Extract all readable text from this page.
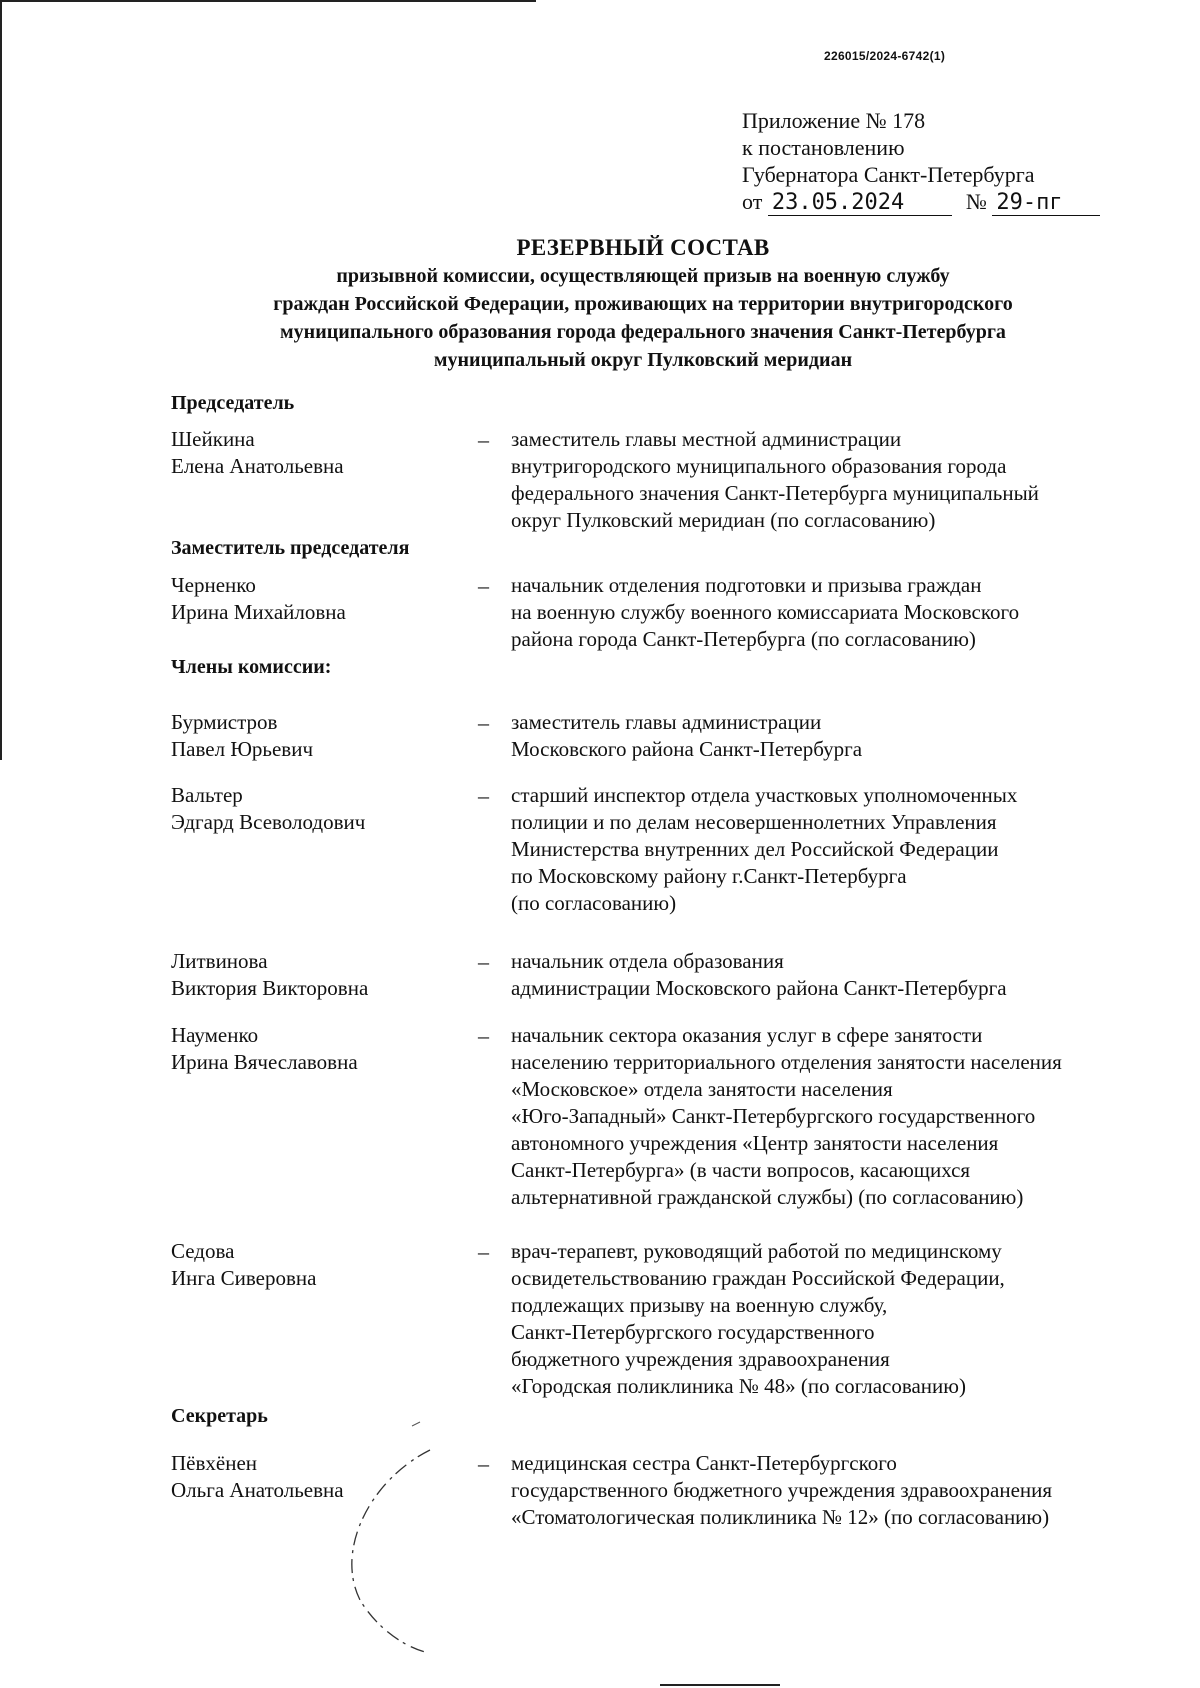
226015/2024-6742(1)
Приложение № 178
к постановлению
Губернатора Санкт-Петербурга
от 23.05.2024	№ 29-пг
РЕЗЕРВНЫЙ СОСТАВ
призывной комиссии, осуществляющей призыв на военную службу
граждан Российской Федерации, проживающих на территории внутригородского
муниципального образования города федерального значения Санкт-Петербурга
муниципальный округ Пулковский меридиан
Председатель
Шейкина
Елена Анатольевна
– заместитель главы местной администрации
внутригородского муниципального образования города
федерального значения Санкт-Петербурга муниципальный
округ Пулковский меридиан (по согласованию)
Заместитель председателя
Черненко
Ирина Михайловна
– начальник отделения подготовки и призыва граждан
на военную службу военного комиссариата Московского
района города Санкт-Петербурга (по согласованию)
Члены комиссии:
Бурмистров
Павел Юрьевич
– заместитель главы администрации
Московского района Санкт-Петербурга
Вальтер
Эдгард Всеволодович
– старший инспектор отдела участковых уполномоченных
полиции и по делам несовершеннолетних Управления
Министерства внутренних дел Российской Федерации
по Московскому району г.Санкт-Петербурга
(по согласованию)
Литвинова
Виктория Викторовна
– начальник отдела образования
администрации Московского района Санкт-Петербурга
Науменко
Ирина Вячеславовна
– начальник сектора оказания услуг в сфере занятости
населению территориального отделения занятости населения
«Московское» отдела занятости населения
«Юго-Западный» Санкт-Петербургского государственного
автономного учреждения «Центр занятости населения
Санкт-Петербурга» (в части вопросов, касающихся
альтернативной гражданской службы) (по согласованию)
Седова
Инга Сиверовна
– врач-терапевт, руководящий работой по медицинскому
освидетельствованию граждан Российской Федерации,
подлежащих призыву на военную службу,
Санкт-Петербургского государственного
бюджетного учреждения здравоохранения
«Городская поликлиника № 48» (по согласованию)
Секретарь
Пёвхёнен
Ольга Анатольевна
– медицинская сестра Санкт-Петербургского
государственного бюджетного учреждения здравоохранения
«Стоматологическая поликлиника № 12» (по согласованию)
